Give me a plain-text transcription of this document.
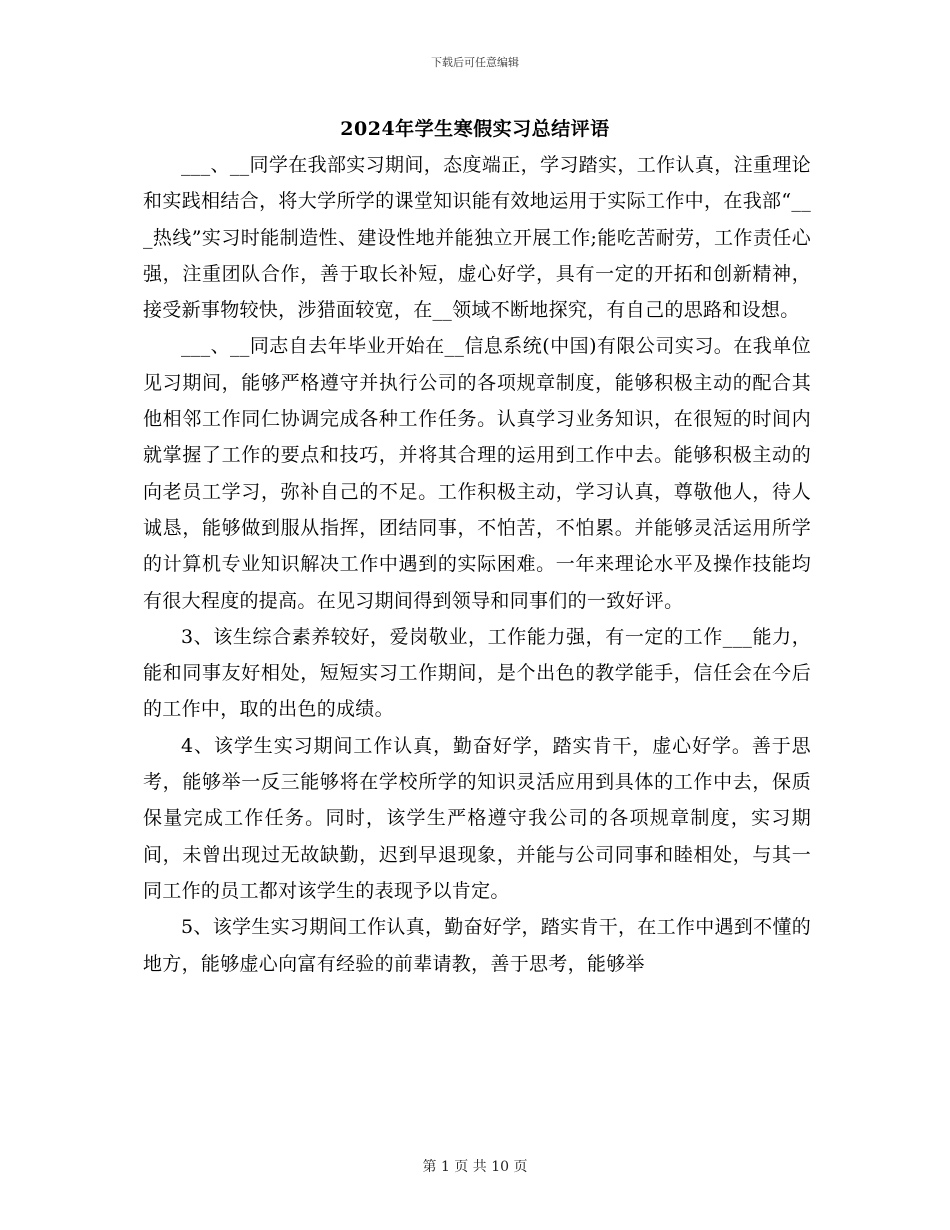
下载后可任意编辑
2024年学生寒假实习总结评语

___、__同学在我部实习期间，态度端正，学习踏实，工作认真，注重理论和实践相结合，将大学所学的课堂知识能有效地运用于实际工作中，在我部“___热线”实习时能制造性、建设性地并能独立开展工作;能吃苦耐劳，工作责任心强，注重团队合作，善于取长补短，虚心好学，具有一定的开拓和创新精神，接受新事物较快，涉猎面较宽，在__领域不断地探究，有自己的思路和设想。

___、__同志自去年毕业开始在__信息系统(中国)有限公司实习。在我单位见习期间，能够严格遵守并执行公司的各项规章制度，能够积极主动的配合其他相邻工作同仁协调完成各种工作任务。认真学习业务知识，在很短的时间内就掌握了工作的要点和技巧，并将其合理的运用到工作中去。能够积极主动的向老员工学习，弥补自己的不足。工作积极主动，学习认真，尊敬他人，待人诚恳，能够做到服从指挥，团结同事，不怕苦，不怕累。并能够灵活运用所学的计算机专业知识解决工作中遇到的实际困难。一年来理论水平及操作技能均有很大程度的提高。在见习期间得到领导和同事们的一致好评。

3、该生综合素养较好，爱岗敬业，工作能力强，有一定的工作___能力，能和同事友好相处，短短实习工作期间，是个出色的教学能手，信任会在今后的工作中，取的出色的成绩。

4、该学生实习期间工作认真，勤奋好学，踏实肯干，虚心好学。善于思考，能够举一反三能够将在学校所学的知识灵活应用到具体的工作中去，保质保量完成工作任务。同时，该学生严格遵守我公司的各项规章制度，实习期间，未曾出现过无故缺勤，迟到早退现象，并能与公司同事和睦相处，与其一同工作的员工都对该学生的表现予以肯定。

5、该学生实习期间工作认真，勤奋好学，踏实肯干，在工作中遇到不懂的地方，能够虚心向富有经验的前辈请教，善于思考，能够举

第 1 页 共 10 页
